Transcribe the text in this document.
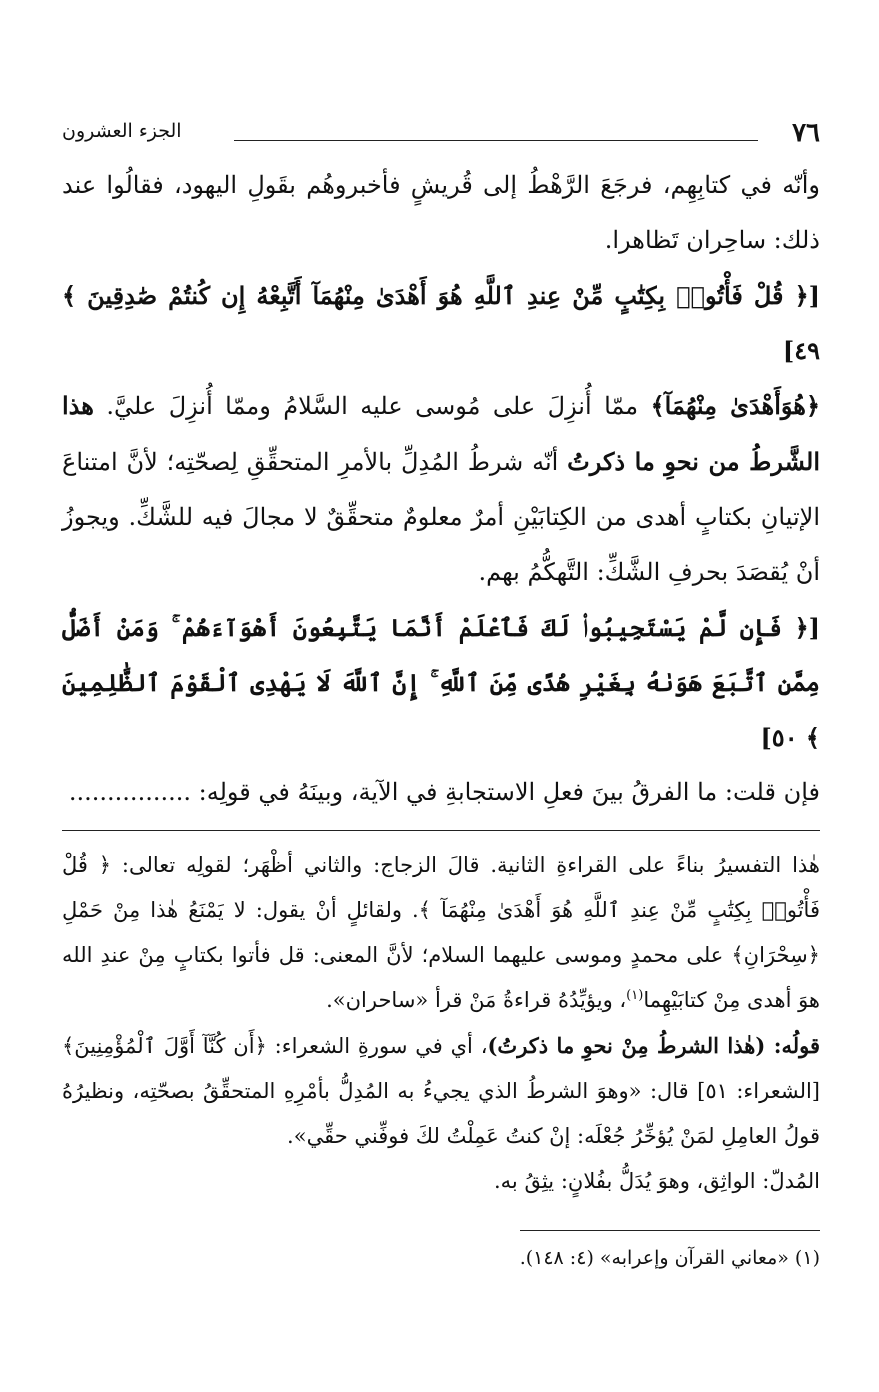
٧٦
الجزء العشرون

وأنّه في كتابِهِم، فرجَعَ الرَّهْطُ إلى قُريشٍ فأخبروهُم بقَولِ اليهود، فقالُوا عند ذلك: ساحِران تَظاهرا.

[﴿ قُلْ فَأْتُوا۟ بِكِتَٰبٍ مِّنْ عِندِ ٱللَّهِ هُوَ أَهْدَىٰ مِنْهُمَآ أَتَّبِعْهُ إِن كُنتُمْ صَٰدِقِينَ ﴾ ٤٩]

﴿هُوَأَهْدَىٰ مِنْهُمَآ﴾ ممّا أُنزِلَ على مُوسى عليه السَّلامُ وممّا أُنزِلَ عليَّ. هذا الشَّرطُ من نحوِ ما ذكرتُ أنّه شرطُ المُدِلِّ بالأمرِ المتحقِّقِ لِصحّتِه؛ لأنَّ امتناعَ الإتيانِ بكتابٍ أهدى من الكِتابَيْنِ أمرٌ معلومٌ متحقِّقٌ لا مجالَ فيه للشَّكِّ. ويجوزُ أنْ يُقصَدَ بحرفِ الشَّكِّ: التَّهكُّمُ بهم.

[﴿ فَإِن لَّمْ يَسْتَجِيبُوا۟ لَكَ فَٱعْلَمْ أَنَّمَا يَتَّبِعُونَ أَهْوَآءَهُمْ ۚ وَمَنْ أَضَلُّ مِمَّنِ ٱتَّبَعَ هَوَىٰهُ بِغَيْرِ هُدًى مِّنَ ٱللَّهِ ۚ إِنَّ ٱللَّهَ لَا يَهْدِى ٱلْقَوْمَ ٱلظَّٰلِمِينَ ﴾ ٥٠]

فإن قلت: ما الفرقُ بينَ فعلِ الاستجابةِ في الآية، وبينَهُ في قولِه: ................

هٰذا التفسيرُ بناءً على القراءةِ الثانية. قالَ الزجاج: والثاني أظْهَر؛ لقولِه تعالى: ﴿ قُلْ فَأْتُوا۟ بِكِتَٰبٍ مِّنْ عِندِ ٱللَّهِ هُوَ أَهْدَىٰ مِنْهُمَآ ﴾. ولقائلٍ أنْ يقول: لا يَمْنَعُ هٰذا مِنْ حَمْلِ ﴿سِحْرَانِ﴾ على محمدٍ وموسى عليهما السلام؛ لأنَّ المعنى: قل فأتوا بكتابٍ مِنْ عندِ الله هوَ أهدى مِنْ كتابَيْهِما$^{(١)}$، ويؤيِّدُهُ قراءةُ مَنْ قرأ «ساحران».

قولُه: (هٰذا الشرطُ مِنْ نحوِ ما ذكرتُ)، أي في سورةِ الشعراء: ﴿أَن كُنَّآ أَوَّلَ ٱلْمُؤْمِنِينَ﴾ [الشعراء: ٥١] قال: «وهوَ الشرطُ الذي يجيءُ به المُدِلُّ بأمْرِهِ المتحقِّقُ بصحّتِه، ونظيرُهُ قولُ العامِلِ لمَنْ يُؤخِّرُ جُعْلَه: إنْ كنتُ عَمِلْتُ لكَ فوفِّني حقِّي».

المُدلّ: الواثِق، وهوَ يُدَلُّ بفُلانٍ: يثِقُ به.

(١) «معاني القرآن وإعرابه» (٤: ١٤٨).
